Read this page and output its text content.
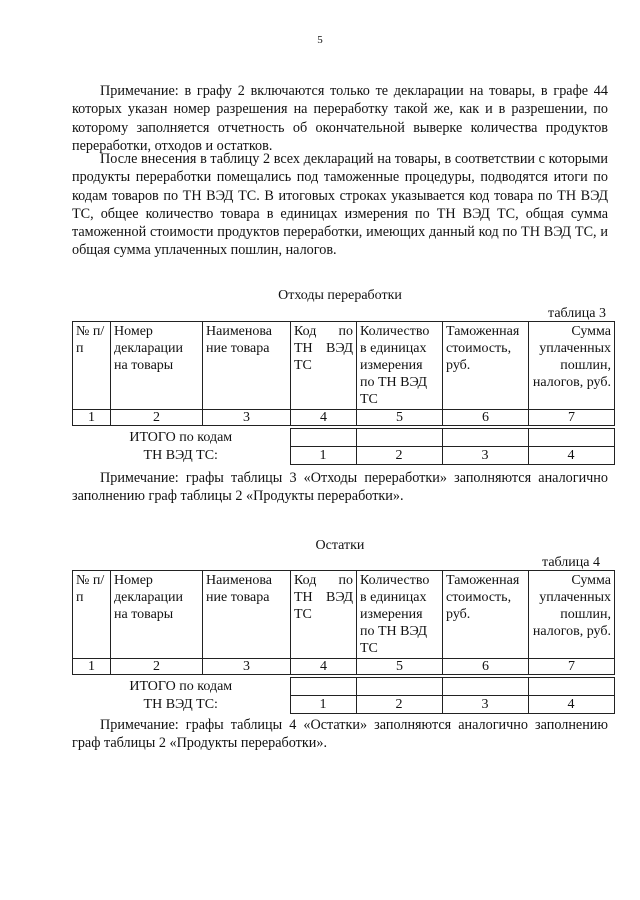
5

Примечание: в графу 2 включаются только те декларации на товары, в графе 44 которых указан номер разрешения на переработку такой же, как и в разрешении, по которому заполняется отчетность об окончательной выверке количества продуктов переработки, отходов и остатков.

После внесения в таблицу 2 всех деклараций на товары, в соответствии с которыми продукты переработки помещались под таможенные процедуры, подводятся итоги по кодам товаров по ТН ВЭД ТС. В итоговых строках указывается код товара по ТН ВЭД ТС, общее количество товара в единицах измерения по ТН ВЭД ТС, общая сумма таможенной стоимости продуктов переработки, имеющих данный код по ТН ВЭД ТС, и общая сумма уплаченных пошлин, налогов.

Отходы переработки
таблица 3
№ п/п	Номер декларации на товары	Наименова ние товара	Код по ТН ВЭД ТС	Количество в единицах измерения по ТН ВЭД ТС	Таможенная стоимость, руб.	Сумма уплаченных пошлин, налогов, руб.
1	2	3	4	5	6	7
ИТОГО по кодам				
ТН ВЭД ТС:	1	2	3	4

Примечание: графы таблицы 3 «Отходы переработки» заполняются аналогично заполнению граф таблицы 2 «Продукты переработки».

Остатки
таблица 4
№ п/п	Номер декларации на товары	Наименова ние товара	Код по ТН ВЭД ТС	Количество в единицах измерения по ТН ВЭД ТС	Таможенная стоимость, руб.	Сумма уплаченных пошлин, налогов, руб.
1	2	3	4	5	6	7
ИТОГО по кодам				
ТН ВЭД ТС:	1	2	3	4

Примечание: графы таблицы 4 «Остатки» заполняются аналогично заполнению граф таблицы 2 «Продукты переработки».
